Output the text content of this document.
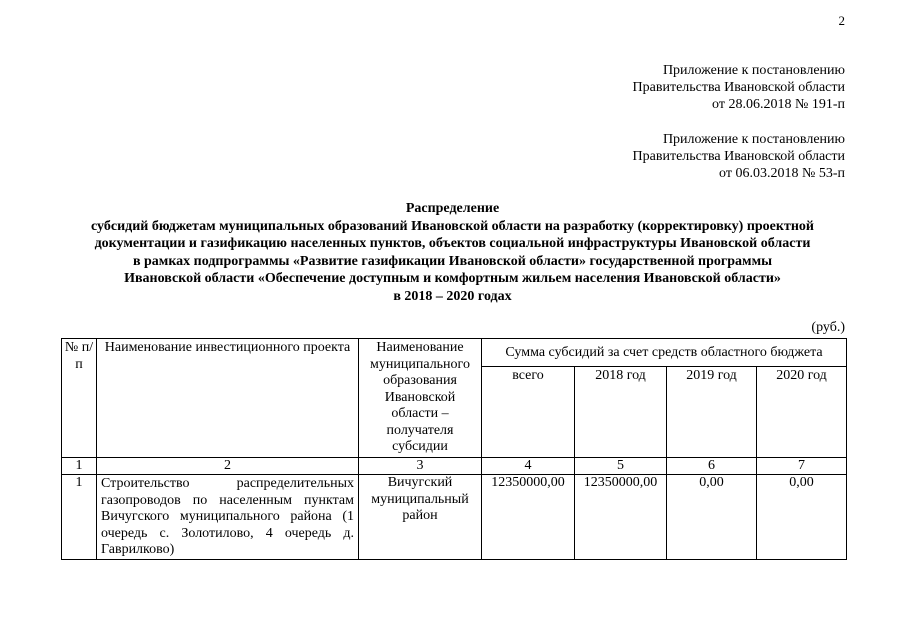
2
Приложение к постановлению
Правительства Ивановской области
от 28.06.2018 № 191-п
Приложение к постановлению
Правительства Ивановской области
от 06.03.2018 № 53-п
Распределение
субсидий бюджетам муниципальных образований Ивановской области на разработку (корректировку) проектной
документации и газификацию населенных пунктов, объектов социальной инфраструктуры Ивановской области
в рамках подпрограммы «Развитие газификации Ивановской области» государственной программы
Ивановской области «Обеспечение доступным и комфортным жильем населения Ивановской области»
в 2018 – 2020 годах
(руб.)
№ п/п	Наименование инвестиционного проекта	Наименование муниципального образования Ивановской области – получателя субсидии	Сумма субсидий за счет средств областного бюджета			
			всего	2018 год	2019 год	2020 год
1	2	3	4	5	6	7
1	Строительство распределительных газопроводов по населенным пунктам Вичугского муниципального района (1 очередь с. Золотилово, 4 очередь д. Гаврилково)	Вичугский муниципальный район	12350000,00	12350000,00	0,00	0,00
